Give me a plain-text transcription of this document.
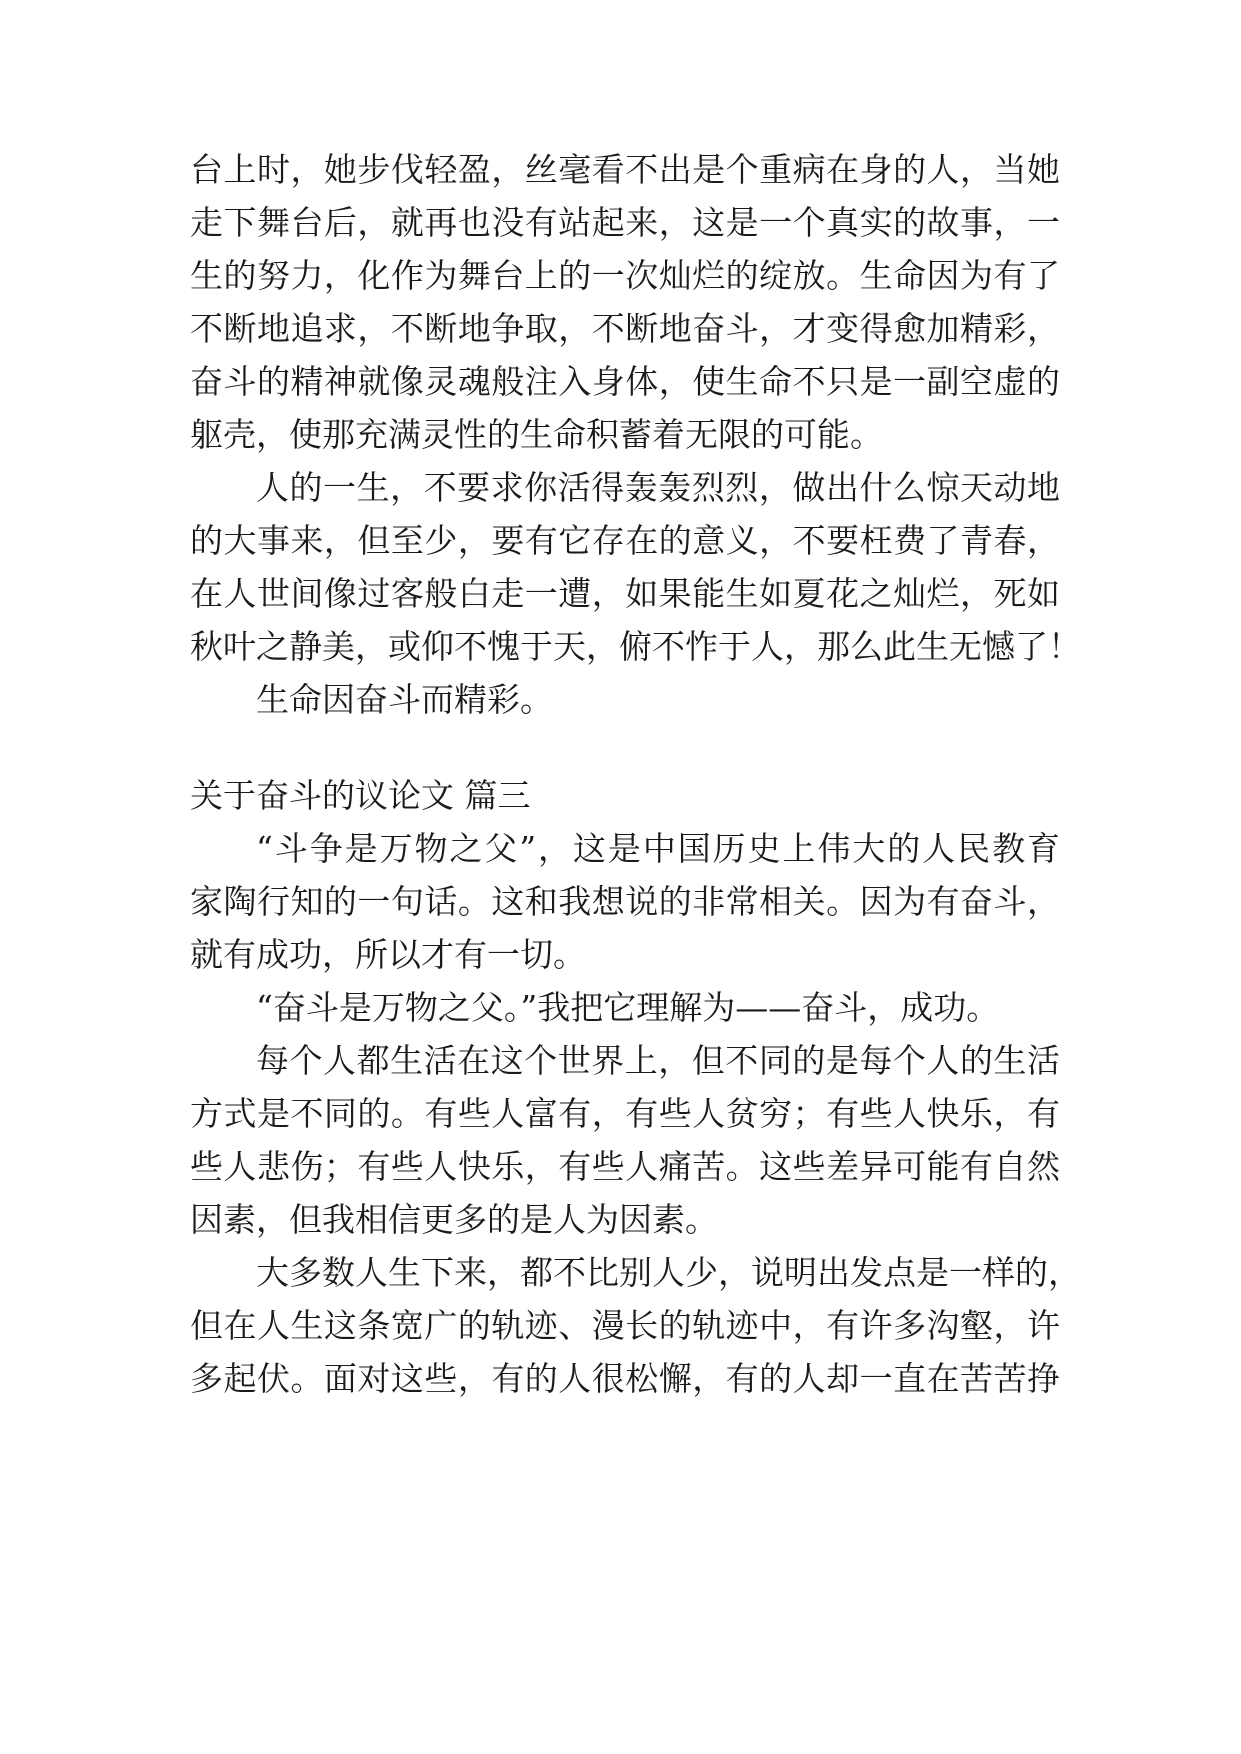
台上时，她步伐轻盈，丝毫看不出是个重病在身的人，当她
走下舞台后，就再也没有站起来，这是一个真实的故事，一
生的努力，化作为舞台上的一次灿烂的绽放。生命因为有了
不断地追求，不断地争取，不断地奋斗，才变得愈加精彩，
奋斗的精神就像灵魂般注入身体，使生命不只是一副空虚的
躯壳，使那充满灵性的生命积蓄着无限的可能。
人的一生，不要求你活得轰轰烈烈，做出什么惊天动地
的大事来，但至少，要有它存在的意义，不要枉费了青春，
在人世间像过客般白走一遭，如果能生如夏花之灿烂，死如
秋叶之静美，或仰不愧于天，俯不怍于人，那么此生无憾了！
生命因奋斗而精彩。
关于奋斗的议论文 篇三
“斗争是万物之父”，这是中国历史上伟大的人民教育
家陶行知的一句话。这和我想说的非常相关。因为有奋斗，
就有成功，所以才有一切。
“奋斗是万物之父。”我把它理解为——奋斗，成功。
每个人都生活在这个世界上，但不同的是每个人的生活
方式是不同的。有些人富有，有些人贫穷；有些人快乐，有
些人悲伤；有些人快乐，有些人痛苦。这些差异可能有自然
因素，但我相信更多的是人为因素。
大多数人生下来，都不比别人少，说明出发点是一样的，
但在人生这条宽广的轨迹、漫长的轨迹中，有许多沟壑，许
多起伏。面对这些，有的人很松懈，有的人却一直在苦苦挣
